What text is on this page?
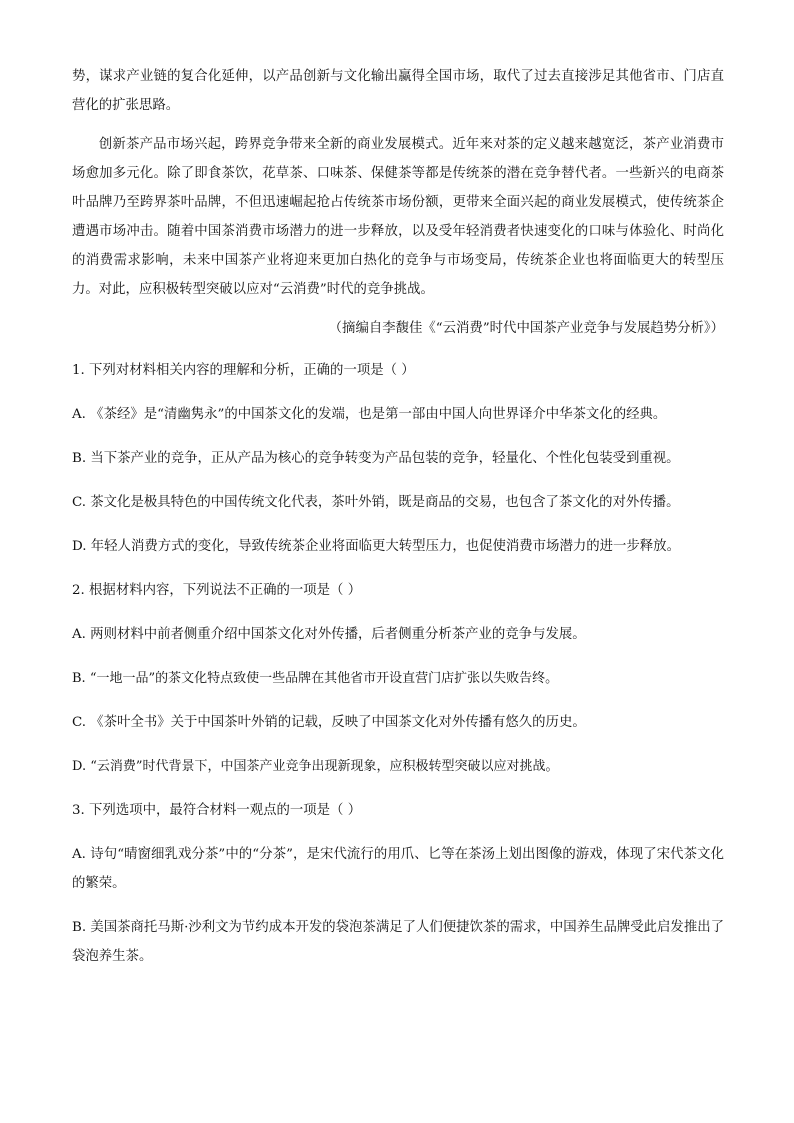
势，谋求产业链的复合化延伸，以产品创新与文化输出赢得全国市场，取代了过去直接涉足其他省市、门店直营化的扩张思路。

创新茶产品市场兴起，跨界竞争带来全新的商业发展模式。近年来对茶的定义越来越宽泛，茶产业消费市场愈加多元化。除了即食茶饮，花草茶、口味茶、保健茶等都是传统茶的潜在竞争替代者。一些新兴的电商茶叶品牌乃至跨界茶叶品牌，不但迅速崛起抢占传统茶市场份额，更带来全面兴起的商业发展模式，使传统茶企遭遇市场冲击。随着中国茶消费市场潜力的进一步释放，以及受年轻消费者快速变化的口味与体验化、时尚化的消费需求影响，未来中国茶产业将迎来更加白热化的竞争与市场变局，传统茶企业也将面临更大的转型压力。对此，应积极转型突破以应对“云消费”时代的竞争挑战。

（摘编自李馥佳《“云消费”时代中国茶产业竞争与发展趋势分析》）

1. 下列对材料相关内容的理解和分析，正确的一项是（ ）

A. 《茶经》是“清幽隽永”的中国茶文化的发端，也是第一部由中国人向世界译介中华茶文化的经典。

B. 当下茶产业的竞争，正从产品为核心的竞争转变为产品包装的竞争，轻量化、个性化包装受到重视。

C. 茶文化是极具特色的中国传统文化代表，茶叶外销，既是商品的交易，也包含了茶文化的对外传播。

D. 年轻人消费方式的变化，导致传统茶企业将面临更大转型压力，也促使消费市场潜力的进一步释放。

2. 根据材料内容，下列说法不正确的一项是（ ）

A. 两则材料中前者侧重介绍中国茶文化对外传播，后者侧重分析茶产业的竞争与发展。

B. “一地一品”的茶文化特点致使一些品牌在其他省市开设直营门店扩张以失败告终。

C. 《茶叶全书》关于中国茶叶外销的记载，反映了中国茶文化对外传播有悠久的历史。

D. “云消费”时代背景下，中国茶产业竞争出现新现象，应积极转型突破以应对挑战。

3. 下列选项中，最符合材料一观点的一项是（ ）

A. 诗句“晴窗细乳戏分茶”中的“分茶”，是宋代流行的用爪、匕等在茶汤上划出图像的游戏，体现了宋代茶文化的繁荣。

B. 美国茶商托马斯·沙利文为节约成本开发的袋泡茶满足了人们便捷饮茶的需求，中国养生品牌受此启发推出了袋泡养生茶。
